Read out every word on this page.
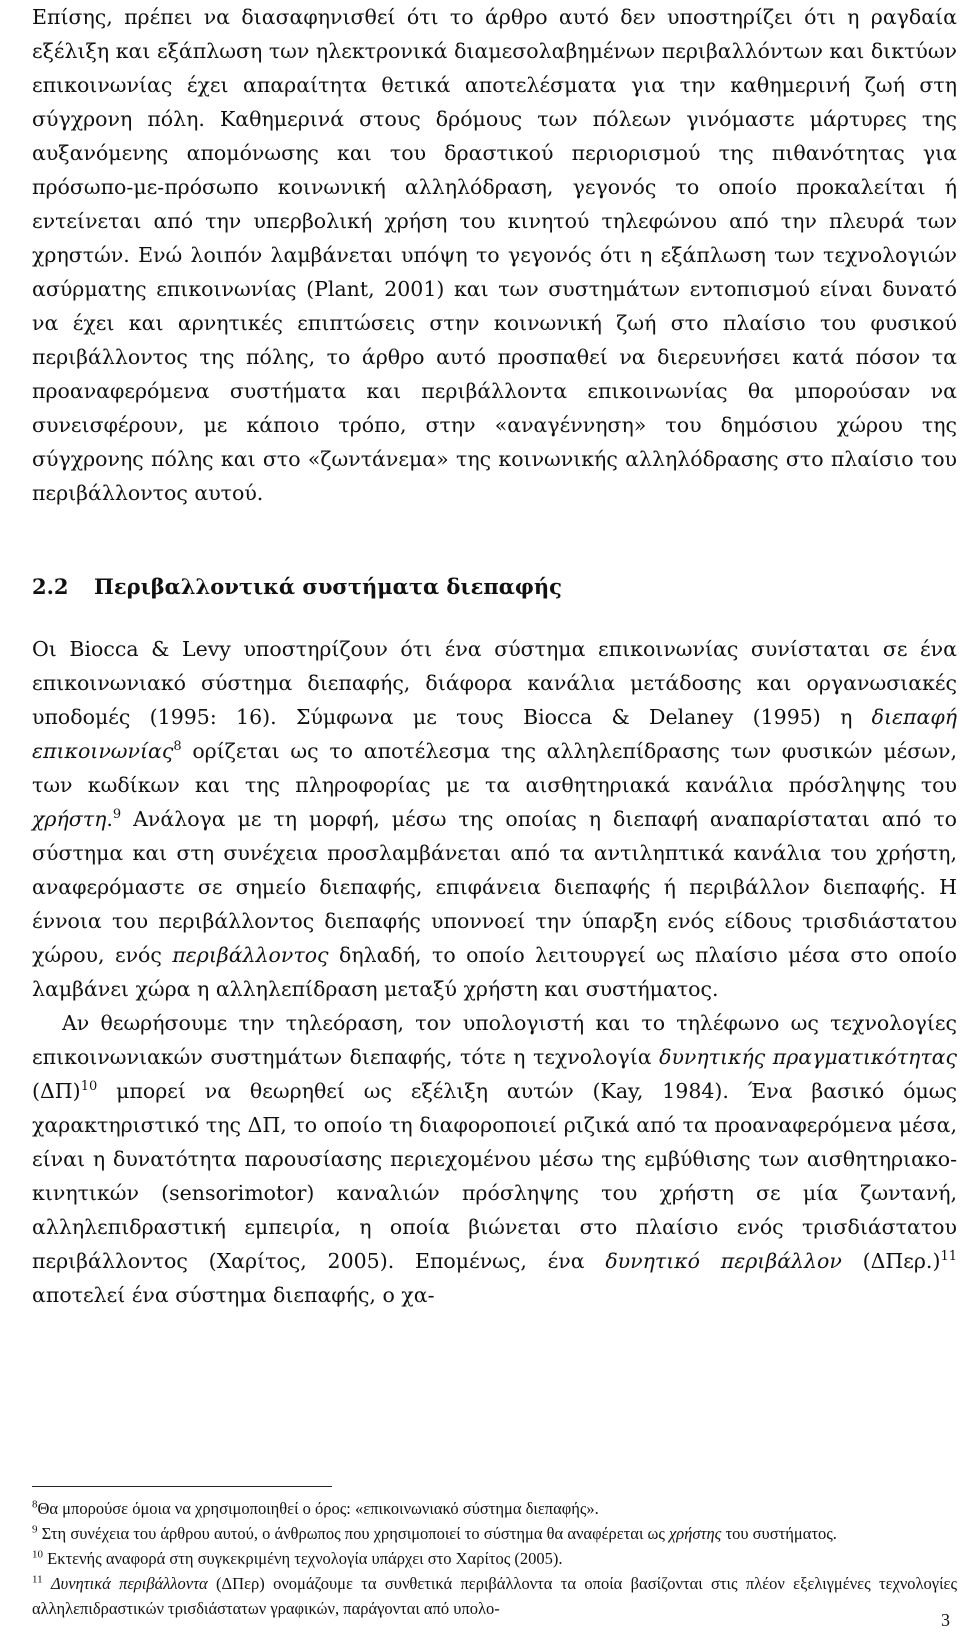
Επίσης, πρέπει να διασαφηνισθεί ότι το άρθρο αυτό δεν υποστηρίζει ότι η ραγδαία εξέλιξη και εξάπλωση των ηλεκτρονικά διαμεσολαβημένων περιβαλλόντων και δικτύων επικοινωνίας έχει απαραίτητα θετικά αποτελέσματα για την καθημερινή ζωή στη σύγχρονη πόλη. Καθημερινά στους δρόμους των πόλεων γινόμαστε μάρτυρες της αυξανόμενης απομόνωσης και του δραστικού περιορισμού της πιθανότητας για πρόσωπο-με-πρόσωπο κοινωνική αλληλόδραση, γεγονός το οποίο προκαλείται ή εντείνεται από την υπερβολική χρήση του κινητού τηλεφώνου από την πλευρά των χρηστών. Ενώ λοιπόν λαμβάνεται υπόψη το γεγονός ότι η εξάπλωση των τεχνολογιών ασύρματης επικοινωνίας (Plant, 2001) και των συστημάτων εντοπισμού είναι δυνατό να έχει και αρνητικές επιπτώσεις στην κοινωνική ζωή στο πλαίσιο του φυσικού περιβάλλοντος της πόλης, το άρθρο αυτό προσπαθεί να διερευνήσει κατά πόσον τα προαναφερόμενα συστήματα και περιβάλλοντα επικοινωνίας θα μπορούσαν να συνεισφέρουν, με κάποιο τρόπο, στην «αναγέννηση» του δημόσιου χώρου της σύγχρονης πόλης και στο «ζωντάνεμα» της κοινωνικής αλληλόδρασης στο πλαίσιο του περιβάλλοντος αυτού.

2.2 Περιβαλλοντικά συστήματα διεπαφής

Οι Biocca & Levy υποστηρίζουν ότι ένα σύστημα επικοινωνίας συνίσταται σε ένα επικοινωνιακό σύστημα διεπαφής, διάφορα κανάλια μετάδοσης και οργανωσιακές υποδομές (1995: 16). Σύμφωνα με τους Biocca & Delaney (1995) η διεπαφή επικοινωνίας$^8$ ορίζεται ως το αποτέλεσμα της αλληλεπίδρασης των φυσικών μέσων, των κωδίκων και της πληροφορίας με τα αισθητηριακά κανάλια πρόσληψης του χρήστη.$^9$ Ανάλογα με τη μορφή, μέσω της οποίας η διεπαφή αναπαρίσταται από το σύστημα και στη συνέχεια προσλαμβάνεται από τα αντιληπτικά κανάλια του χρήστη, αναφερόμαστε σε σημείο διεπαφής, επιφάνεια διεπαφής ή περιβάλλον διεπαφής. Η έννοια του περιβάλλοντος διεπαφής υποννοεί την ύπαρξη ενός είδους τρισδιάστατου χώρου, ενός περιβάλλοντος δηλαδή, το οποίο λειτουργεί ως πλαίσιο μέσα στο οποίο λαμβάνει χώρα η αλληλεπίδραση μεταξύ χρήστη και συστήματος.

Αν θεωρήσουμε την τηλεόραση, τον υπολογιστή και το τηλέφωνο ως τεχνολογίες επικοινωνιακών συστημάτων διεπαφής, τότε η τεχνολογία δυνητικής πραγματικότητας $(\Delta\Pi)^{10}$ μπορεί να θεωρηθεί ως εξέλιξη αυτών (Kay, 1984). Ένα βασικό όμως χαρακτηριστικό της ΔΠ, το οποίο τη διαφοροποιεί ριζικά από τα προαναφερόμενα μέσα, είναι η δυνατότητα παρουσίασης περιεχομένου μέσω της εμβύθισης των αισθητηριακο-κινητικών (sensorimotor) καναλιών πρόσληψης του χρήστη σε μία ζωντανή, αλληλεπιδραστική εμπειρία, η οποία βιώνεται στο πλαίσιο ενός τρισδιάστατου περιβάλλοντος (Χαρίτος, 2005). Επομένως, ένα δυνητικό περιβάλλον $(\Delta\Pi\varepsilon\rho.)^{11}$ αποτελεί ένα σύστημα διεπαφής, ο χα-

$^8$Θα μπορούσε όμοια να χρησιμοποιηθεί ο όρος: «επικοινωνιακό σύστημα διεπαφής».

$^9$ Στη συνέχεια του άρθρου αυτού, ο άνθρωπος που χρησιμοποιεί το σύστημα θα αναφέρεται ως χρήστης του συστήματος.

$^{10}$ Εκτενής αναφορά στη συγκεκριμένη τεχνολογία υπάρχει στο Χαρίτος (2005).

$^{11}$ Δυνητικά περιβάλλοντα (ΔΠερ) ονομάζουμε τα συνθετικά περιβάλλοντα τα οποία βασίζονται στις πλέον εξελιγμένες τεχνολογίες αλληλεπιδραστικών τρισδιάστατων γραφικών, παράγονται από υπολο-

3
